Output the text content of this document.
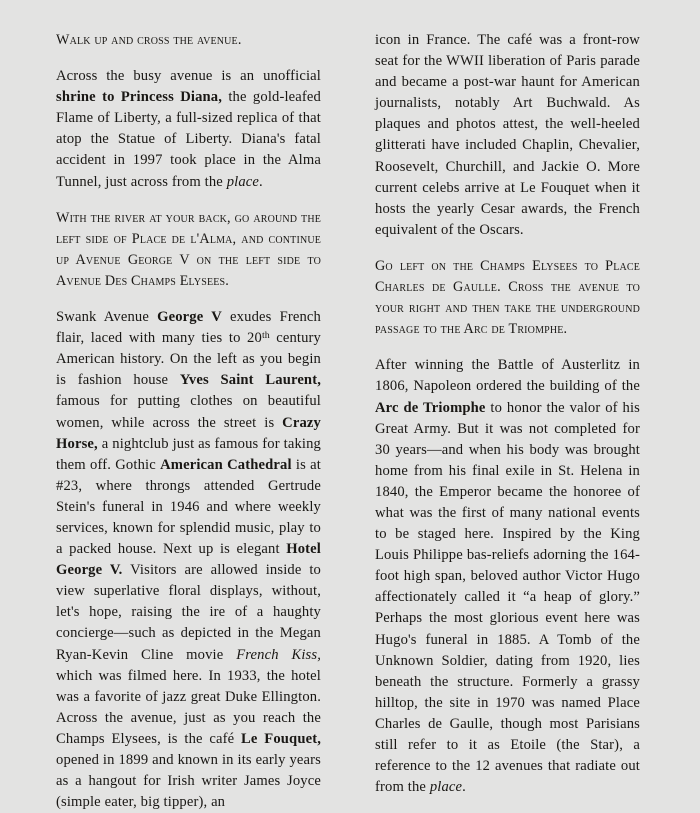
Walk up and cross the avenue.

Across the busy avenue is an unofficial shrine to Princess Diana, the gold-leafed Flame of Liberty, a full-sized replica of that atop the Statue of Liberty. Diana's fatal accident in 1997 took place in the Alma Tunnel, just across from the place.

With the river at your back, go around the left side of Place de l'Alma, and continue up Avenue George V on the left side to Avenue Des Champs Elysees.

Swank Avenue George V exudes French flair, laced with many ties to 20th century American history. On the left as you begin is fashion house Yves Saint Laurent, famous for putting clothes on beautiful women, while across the street is Crazy Horse, a nightclub just as famous for taking them off. Gothic American Cathedral is at #23, where throngs attended Gertrude Stein's funeral in 1946 and where weekly services, known for splendid music, play to a packed house. Next up is elegant Hotel George V. Visitors are allowed inside to view superlative floral displays, without, let's hope, raising the ire of a haughty concierge—such as depicted in the Megan Ryan-Kevin Cline movie French Kiss, which was filmed here. In 1933, the hotel was a favorite of jazz great Duke Ellington. Across the avenue, just as you reach the Champs Elysees, is the café Le Fouquet, opened in 1899 and known in its early years as a hangout for Irish writer James Joyce (simple eater, big tipper), an

icon in France. The café was a front-row seat for the WWII liberation of Paris parade and became a post-war haunt for American journalists, notably Art Buchwald. As plaques and photos attest, the well-heeled glitterati have included Chaplin, Chevalier, Roosevelt, Churchill, and Jackie O. More current celebs arrive at Le Fouquet when it hosts the yearly Cesar awards, the French equivalent of the Oscars.

Go left on the Champs Elysees to Place Charles de Gaulle. Cross the avenue to your right and then take the underground passage to the Arc de Triomphe.

After winning the Battle of Austerlitz in 1806, Napoleon ordered the building of the Arc de Triomphe to honor the valor of his Great Army. But it was not completed for 30 years—and when his body was brought home from his final exile in St. Helena in 1840, the Emperor became the honoree of what was the first of many national events to be staged here. Inspired by the King Louis Philippe bas-reliefs adorning the 164-foot high span, beloved author Victor Hugo affectionately called it “a heap of glory.” Perhaps the most glorious event here was Hugo's funeral in 1885. A Tomb of the Unknown Soldier, dating from 1920, lies beneath the structure. Formerly a grassy hilltop, the site in 1970 was named Place Charles de Gaulle, though most Parisians still refer to it as Etoile (the Star), a reference to the 12 avenues that radiate out from the place.
